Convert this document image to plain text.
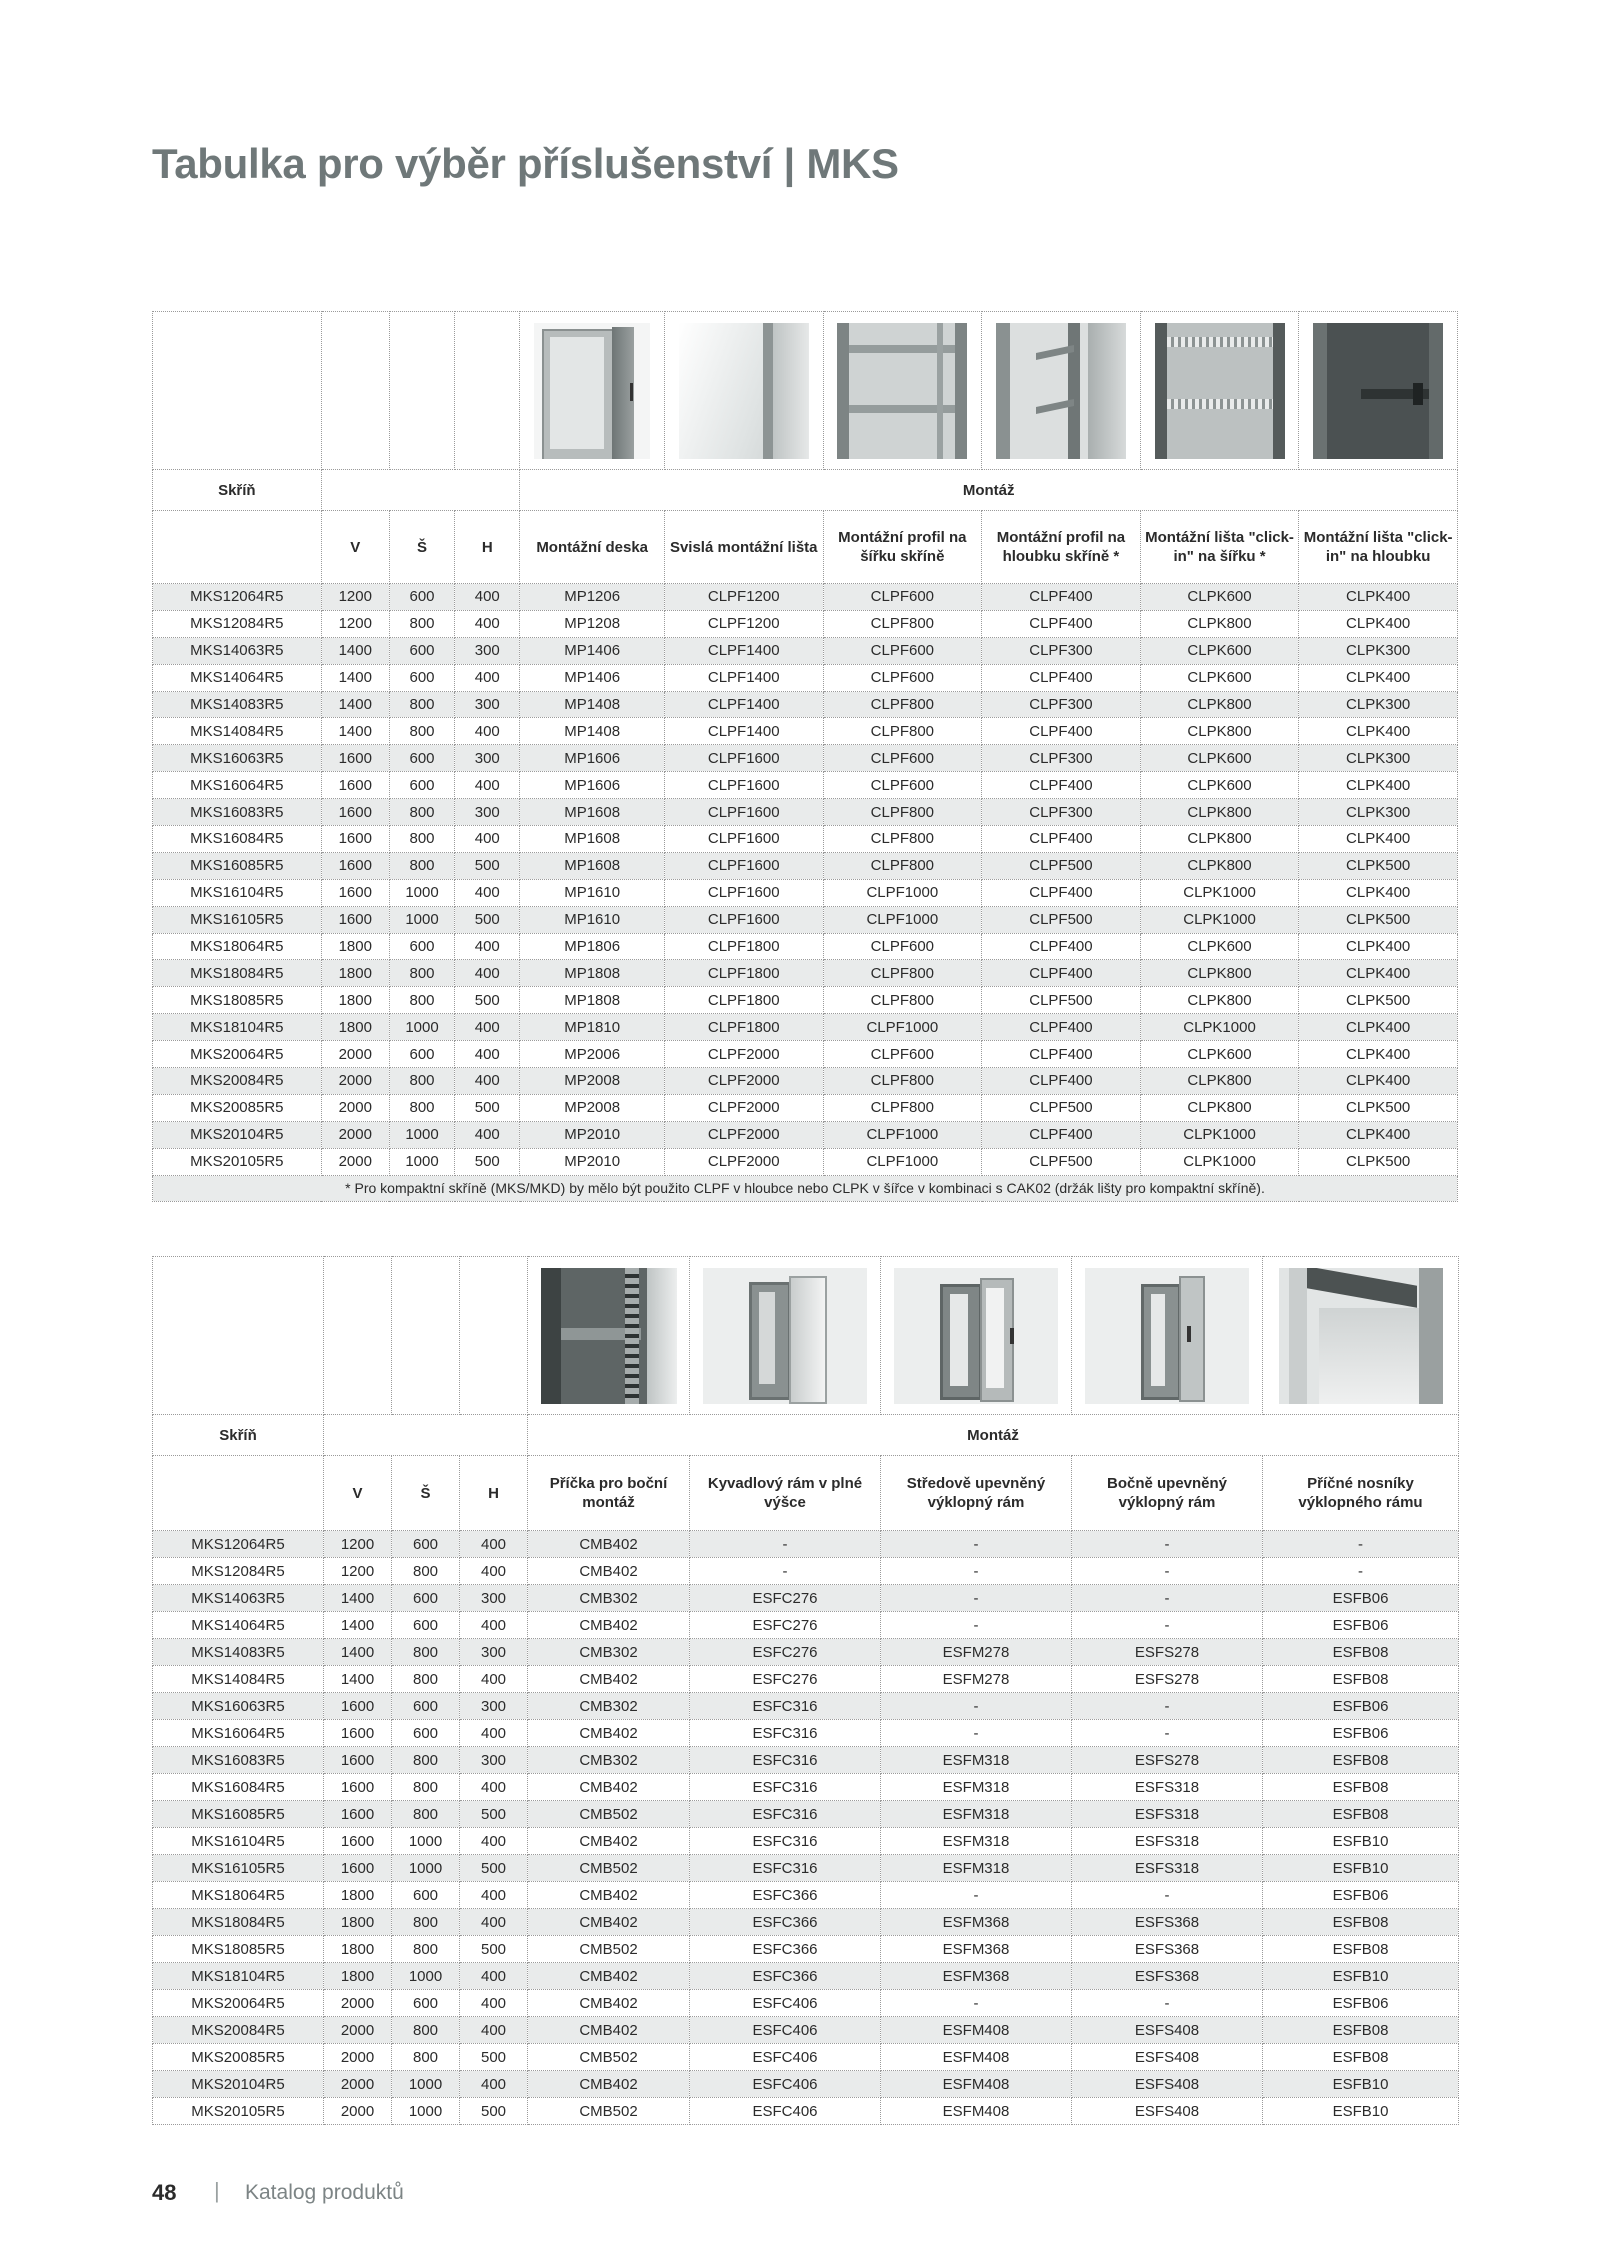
Tabulka pro výběr příslušenství | MKS

Skříň				Montáž					
	V	Š	H	Montážní deska	Svislá montážní lišta	Montážní profil na šířku skříně	Montážní profil na hloubku skříně *	Montážní lišta "click-in" na šířku *	Montážní lišta "click-in" na hloubku
MKS12064R5	1200	600	400	MP1206	CLPF1200	CLPF600	CLPF400	CLPK600	CLPK400
MKS12084R5	1200	800	400	MP1208	CLPF1200	CLPF800	CLPF400	CLPK800	CLPK400
MKS14063R5	1400	600	300	MP1406	CLPF1400	CLPF600	CLPF300	CLPK600	CLPK300
MKS14064R5	1400	600	400	MP1406	CLPF1400	CLPF600	CLPF400	CLPK600	CLPK400
MKS14083R5	1400	800	300	MP1408	CLPF1400	CLPF800	CLPF300	CLPK800	CLPK300
MKS14084R5	1400	800	400	MP1408	CLPF1400	CLPF800	CLPF400	CLPK800	CLPK400
MKS16063R5	1600	600	300	MP1606	CLPF1600	CLPF600	CLPF300	CLPK600	CLPK300
MKS16064R5	1600	600	400	MP1606	CLPF1600	CLPF600	CLPF400	CLPK600	CLPK400
MKS16083R5	1600	800	300	MP1608	CLPF1600	CLPF800	CLPF300	CLPK800	CLPK300
MKS16084R5	1600	800	400	MP1608	CLPF1600	CLPF800	CLPF400	CLPK800	CLPK400
MKS16085R5	1600	800	500	MP1608	CLPF1600	CLPF800	CLPF500	CLPK800	CLPK500
MKS16104R5	1600	1000	400	MP1610	CLPF1600	CLPF1000	CLPF400	CLPK1000	CLPK400
MKS16105R5	1600	1000	500	MP1610	CLPF1600	CLPF1000	CLPF500	CLPK1000	CLPK500
MKS18064R5	1800	600	400	MP1806	CLPF1800	CLPF600	CLPF400	CLPK600	CLPK400
MKS18084R5	1800	800	400	MP1808	CLPF1800	CLPF800	CLPF400	CLPK800	CLPK400
MKS18085R5	1800	800	500	MP1808	CLPF1800	CLPF800	CLPF500	CLPK800	CLPK500
MKS18104R5	1800	1000	400	MP1810	CLPF1800	CLPF1000	CLPF400	CLPK1000	CLPK400
MKS20064R5	2000	600	400	MP2006	CLPF2000	CLPF600	CLPF400	CLPK600	CLPK400
MKS20084R5	2000	800	400	MP2008	CLPF2000	CLPF800	CLPF400	CLPK800	CLPK400
MKS20085R5	2000	800	500	MP2008	CLPF2000	CLPF800	CLPF500	CLPK800	CLPK500
MKS20104R5	2000	1000	400	MP2010	CLPF2000	CLPF1000	CLPF400	CLPK1000	CLPK400
MKS20105R5	2000	1000	500	MP2010	CLPF2000	CLPF1000	CLPF500	CLPK1000	CLPK500
* Pro kompaktní skříně (MKS/MKD) by mělo být použito CLPF v hloubce nebo CLPK v šířce v kombinaci s CAK02 (držák lišty pro kompaktní skříně).									

Skříň				Montáž				
	V	Š	H	Příčka pro boční montáž	Kyvadlový rám v plné výšce	Středově upevněný výklopný rám	Bočně upevněný výklopný rám	Příčné nosníky výklopného rámu
MKS12064R5	1200	600	400	CMB402	-	-	-	-
MKS12084R5	1200	800	400	CMB402	-	-	-	-
MKS14063R5	1400	600	300	CMB302	ESFC276	-	-	ESFB06
MKS14064R5	1400	600	400	CMB402	ESFC276	-	-	ESFB06
MKS14083R5	1400	800	300	CMB302	ESFC276	ESFM278	ESFS278	ESFB08
MKS14084R5	1400	800	400	CMB402	ESFC276	ESFM278	ESFS278	ESFB08
MKS16063R5	1600	600	300	CMB302	ESFC316	-	-	ESFB06
MKS16064R5	1600	600	400	CMB402	ESFC316	-	-	ESFB06
MKS16083R5	1600	800	300	CMB302	ESFC316	ESFM318	ESFS278	ESFB08
MKS16084R5	1600	800	400	CMB402	ESFC316	ESFM318	ESFS318	ESFB08
MKS16085R5	1600	800	500	CMB502	ESFC316	ESFM318	ESFS318	ESFB08
MKS16104R5	1600	1000	400	CMB402	ESFC316	ESFM318	ESFS318	ESFB10
MKS16105R5	1600	1000	500	CMB502	ESFC316	ESFM318	ESFS318	ESFB10
MKS18064R5	1800	600	400	CMB402	ESFC366	-	-	ESFB06
MKS18084R5	1800	800	400	CMB402	ESFC366	ESFM368	ESFS368	ESFB08
MKS18085R5	1800	800	500	CMB502	ESFC366	ESFM368	ESFS368	ESFB08
MKS18104R5	1800	1000	400	CMB402	ESFC366	ESFM368	ESFS368	ESFB10
MKS20064R5	2000	600	400	CMB402	ESFC406	-	-	ESFB06
MKS20084R5	2000	800	400	CMB402	ESFC406	ESFM408	ESFS408	ESFB08
MKS20085R5	2000	800	500	CMB502	ESFC406	ESFM408	ESFS408	ESFB08
MKS20104R5	2000	1000	400	CMB402	ESFC406	ESFM408	ESFS408	ESFB10
MKS20105R5	2000	1000	500	CMB502	ESFC406	ESFM408	ESFS408	ESFB10
48 | Katalog produktů
